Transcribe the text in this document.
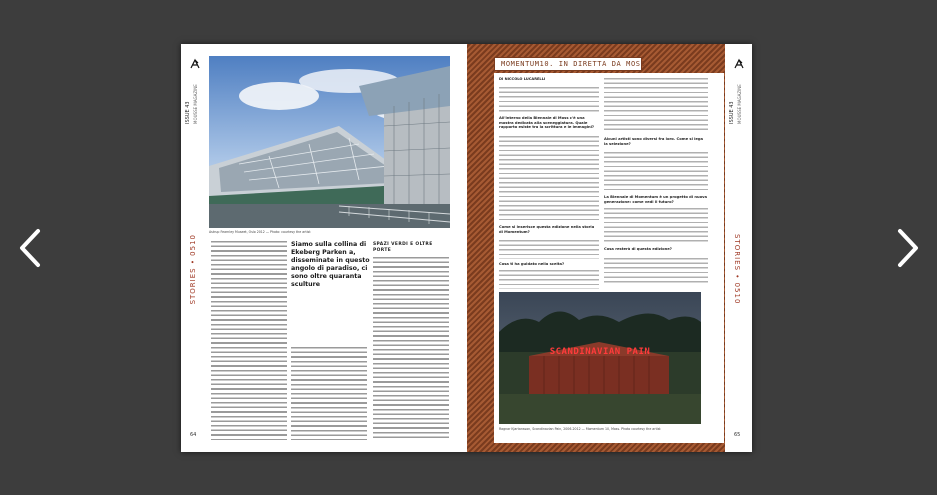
ISSUE 43 MOUSSE MAGAZINE
STORIES • 0510
64
Astrup Fearnley Museet, Oslo 2012 — Photo: courtesy the artist
Siamo sulla collina di Ekeberg Parken a, disseminate in questo angolo di paradiso, ci sono oltre quaranta sculture
SPAZI VERDI E OLTRE PORTE
MOMENTUM10. IN DIRETTA DA MOSS
DI NICCOLO LUCARELLI
All'interno della Biennale di Moss c'è una mostra dedicata alla sceneggiatura. Quale rapporto esiste tra la scrittura e le immagini?
Come si inserisce questa edizione nella storia di Momentum?
Cosa ti ha guidato nella scelta?
Alcuni artisti sono diversi fra loro. Come si lega la selezione?
La Biennale di Momentum è un progetto di nuova generazione: come vedi il futuro?
Cosa resterà di questa edizione?
SCANDINAVIAN PAIN
Ragnar Kjartansson, Scandinavian Pain, 2006-2012 — Momentum 10, Moss. Photo courtesy the artist
ISSUE 43 MOUSSE MAGAZINE
STORIES • 0510
65
